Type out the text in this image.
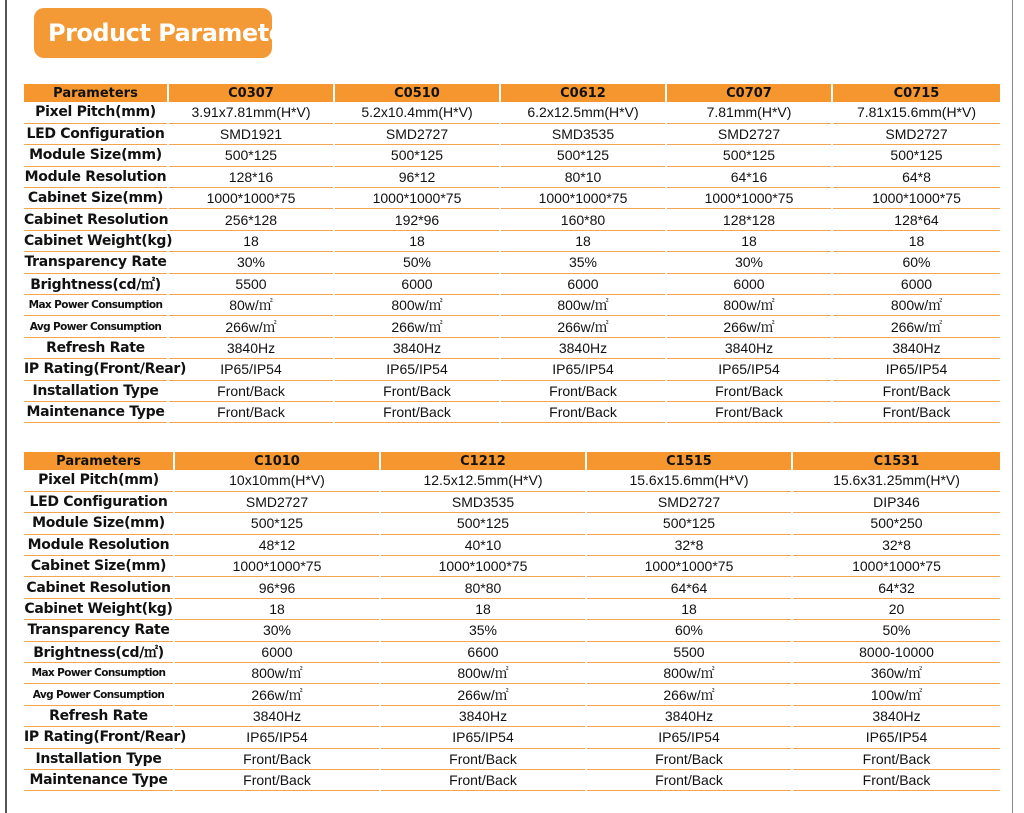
Product Parameter
Parameters	C0307	C0510	C0612	C0707	C0715
Pixel Pitch(mm)	3.91x7.81mm(H*V)	5.2x10.4mm(H*V)	6.2x12.5mm(H*V)	7.81mm(H*V)	7.81x15.6mm(H*V)
LED Configuration	SMD1921	SMD2727	SMD3535	SMD2727	SMD2727
Module Size(mm)	500*125	500*125	500*125	500*125	500*125
Module Resolution	128*16	96*12	80*10	64*16	64*8
Cabinet Size(mm)	1000*1000*75	1000*1000*75	1000*1000*75	1000*1000*75	1000*1000*75
Cabinet Resolution	256*128	192*96	160*80	128*128	128*64
Cabinet Weight(kg)	18	18	18	18	18
Transparency Rate	30%	50%	35%	30%	60%
Brightness(cd/㎡)	5500	6000	6000	6000	6000
Max Power Consumption	80w/㎡	800w/㎡	800w/㎡	800w/㎡	800w/㎡
Avg Power Consumption	266w/㎡	266w/㎡	266w/㎡	266w/㎡	266w/㎡
Refresh Rate	3840Hz	3840Hz	3840Hz	3840Hz	3840Hz
IP Rating(Front/Rear)	IP65/IP54	IP65/IP54	IP65/IP54	IP65/IP54	IP65/IP54
Installation Type	Front/Back	Front/Back	Front/Back	Front/Back	Front/Back
Maintenance Type	Front/Back	Front/Back	Front/Back	Front/Back	Front/Back
Parameters	C1010	C1212	C1515	C1531
Pixel Pitch(mm)	10x10mm(H*V)	12.5x12.5mm(H*V)	15.6x15.6mm(H*V)	15.6x31.25mm(H*V)
LED Configuration	SMD2727	SMD3535	SMD2727	DIP346
Module Size(mm)	500*125	500*125	500*125	500*250
Module Resolution	48*12	40*10	32*8	32*8
Cabinet Size(mm)	1000*1000*75	1000*1000*75	1000*1000*75	1000*1000*75
Cabinet Resolution	96*96	80*80	64*64	64*32
Cabinet Weight(kg)	18	18	18	20
Transparency Rate	30%	35%	60%	50%
Brightness(cd/㎡)	6000	6600	5500	8000-10000
Max Power Consumption	800w/㎡	800w/㎡	800w/㎡	360w/㎡
Avg Power Consumption	266w/㎡	266w/㎡	266w/㎡	100w/㎡
Refresh Rate	3840Hz	3840Hz	3840Hz	3840Hz
IP Rating(Front/Rear)	IP65/IP54	IP65/IP54	IP65/IP54	IP65/IP54
Installation Type	Front/Back	Front/Back	Front/Back	Front/Back
Maintenance Type	Front/Back	Front/Back	Front/Back	Front/Back
